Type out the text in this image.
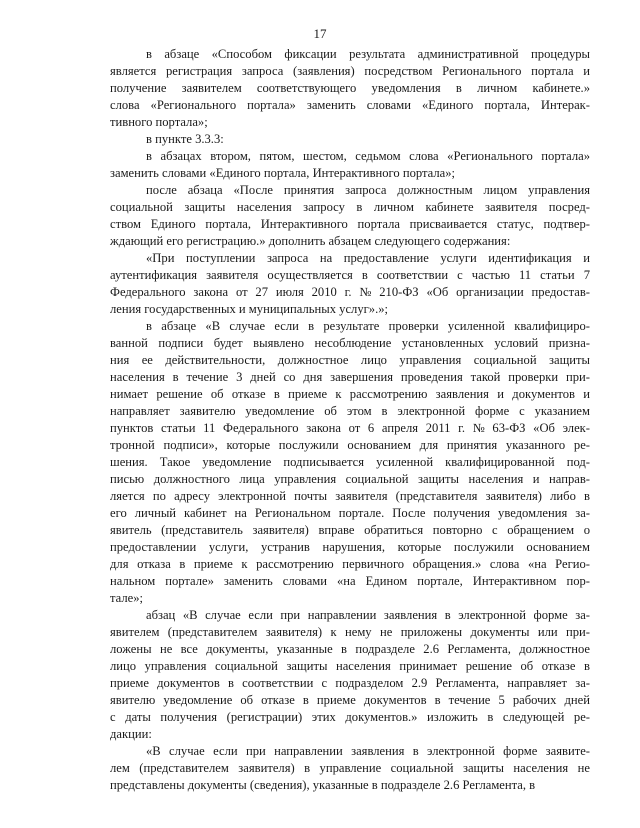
17
в абзаце «Способом фиксации результата административной процедуры
является регистрация запроса (заявления) посредством Регионального портала и
получение заявителем соответствующего уведомления в личном кабинете.»
слова «Регионального портала» заменить словами «Единого портала, Интерак-
тивного портала»;
в пункте 3.3.3:
в абзацах втором, пятом, шестом, седьмом слова «Регионального портала»
заменить словами «Единого портала, Интерактивного портала»;
после абзаца «После принятия запроса должностным лицом управления
социальной защиты населения запросу в личном кабинете заявителя посред-
ством Единого портала, Интерактивного портала присваивается статус, подтвер-
ждающий его регистрацию.» дополнить абзацем следующего содержания:
«При поступлении запроса на предоставление услуги идентификация и
аутентификация заявителя осуществляется в соответствии с частью 11 статьи 7
Федерального закона от 27 июля 2010 г. № 210-ФЗ «Об организации предостав-
ления государственных и муниципальных услуг».»;
в абзаце «В случае если в результате проверки усиленной квалифициро-
ванной подписи будет выявлено несоблюдение установленных условий призна-
ния ее действительности, должностное лицо управления социальной защиты
населения в течение 3 дней со дня завершения проведения такой проверки при-
нимает решение об отказе в приеме к рассмотрению заявления и документов и
направляет заявителю уведомление об этом в электронной форме с указанием
пунктов статьи 11 Федерального закона от 6 апреля 2011 г. № 63-ФЗ «Об элек-
тронной подписи», которые послужили основанием для принятия указанного ре-
шения. Такое уведомление подписывается усиленной квалифицированной под-
писью должностного лица управления социальной защиты населения и направ-
ляется по адресу электронной почты заявителя (представителя заявителя) либо в
его личный кабинет на Региональном портале. После получения уведомления за-
явитель (представитель заявителя) вправе обратиться повторно с обращением о
предоставлении услуги, устранив нарушения, которые послужили основанием
для отказа в приеме к рассмотрению первичного обращения.» слова «на Регио-
нальном портале» заменить словами «на Едином портале, Интерактивном пор-
тале»;
абзац «В случае если при направлении заявления в электронной форме за-
явителем (представителем заявителя) к нему не приложены документы или при-
ложены не все документы, указанные в подразделе 2.6 Регламента, должностное
лицо управления социальной защиты населения принимает решение об отказе в
приеме документов в соответствии с подразделом 2.9 Регламента, направляет за-
явителю уведомление об отказе в приеме документов в течение 5 рабочих дней
с даты получения (регистрации) этих документов.» изложить в следующей ре-
дакции:
«В случае если при направлении заявления в электронной форме заявите-
лем (представителем заявителя) в управление социальной защиты населения не
представлены документы (сведения), указанные в подразделе 2.6 Регламента, в
